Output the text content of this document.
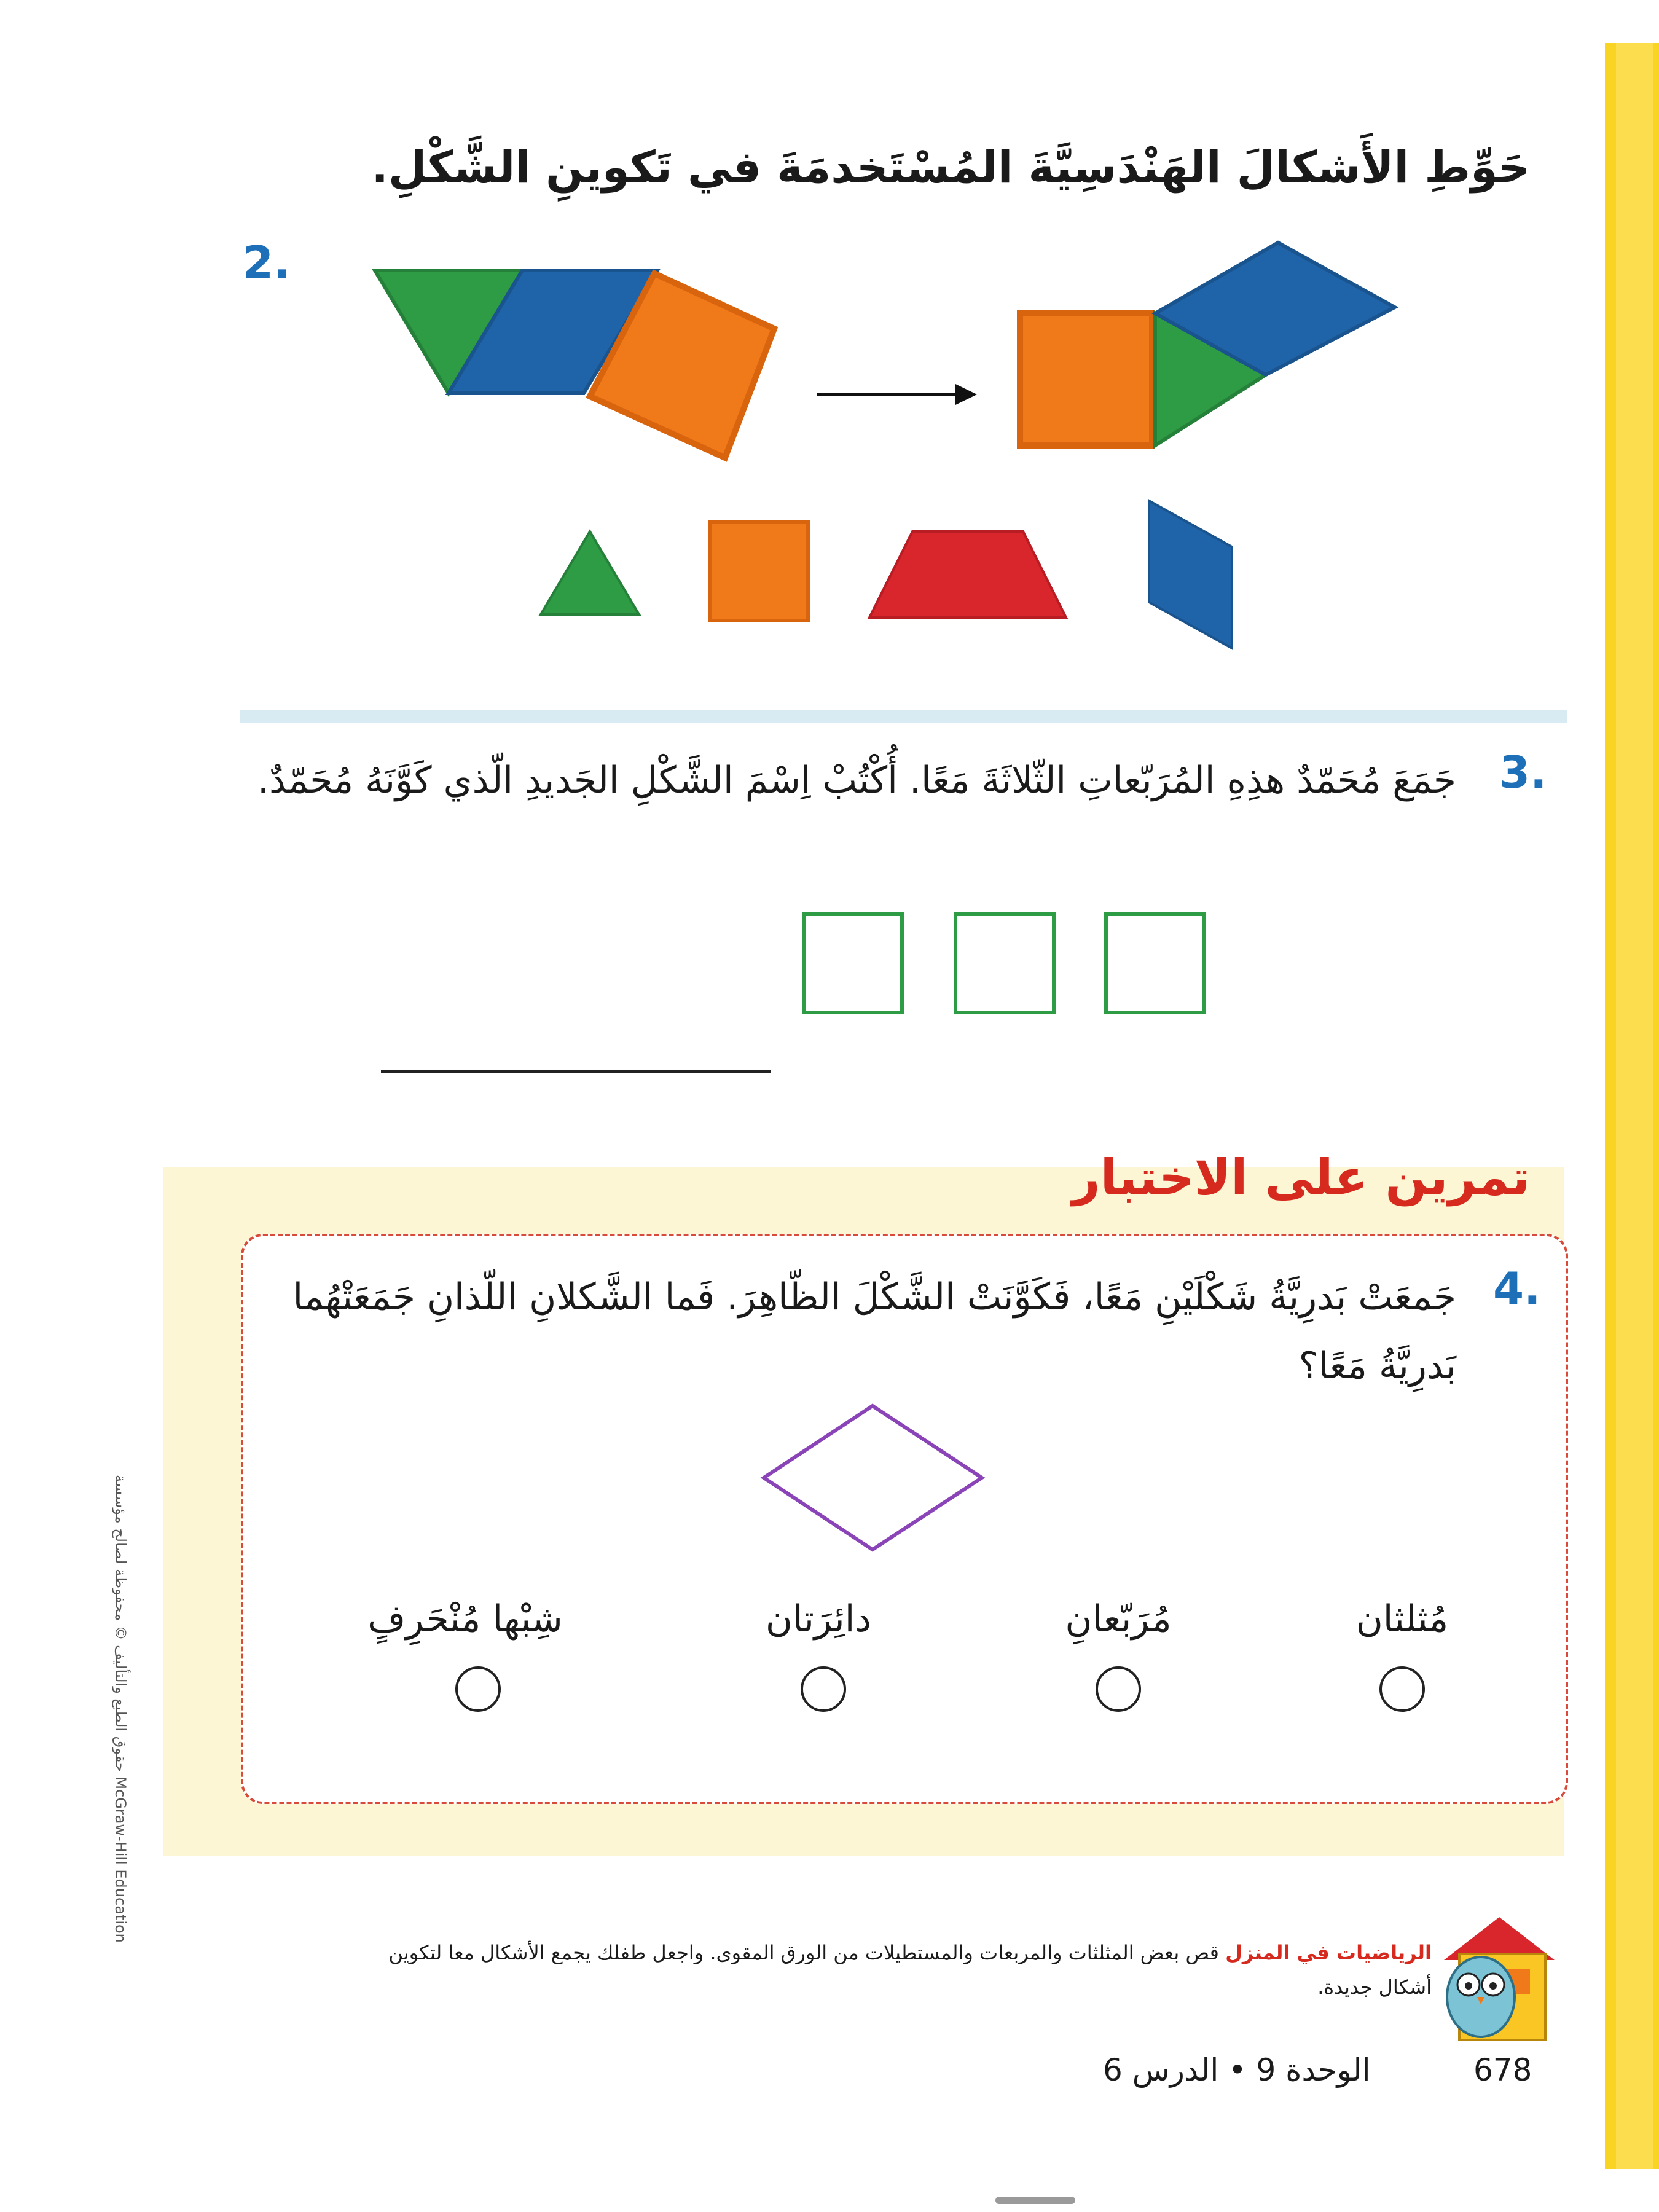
حَوِّطِ الأَشكالَ الهَنْدَسِيَّةَ المُسْتَخدمَةَ في تَكوينِ الشَّكْلِ.
2.
3.
جَمَعَ مُحَمّدٌ هذِهِ المُرَبّعاتِ الثّلاثَةَ مَعًا. أُكْتُبْ اِسْمَ الشَّكْلِ الجَديدِ الّذي كَوَّنَهُ مُحَمّدٌ.
تمرين على الاختبار
4.
جَمعَتْ بَدرِيَّةُ شَكْلَيْنِ مَعًا، فَكَوَّنَتْ الشَّكْلَ الظّاهِرَ. فَما الشَّكلانِ اللّذانِ جَمَعَتْهُما بَدرِيَّةُ مَعًا؟
مُثلثان
مُرَبّعانِ
دائِرَتان
شِبْها مُنْحَرِفٍ
حقوق الطبع والتأليف © محفوظة لصالح مؤسسة McGraw-Hill Education
الرياضيات في المنزل قص بعض المثلثات والمربعات والمستطيلات من الورق المقوى. واجعل طفلك يجمع الأشكال معا لتكوين أشكال جديدة.
678
الوحدة 9 • الدرس 6
